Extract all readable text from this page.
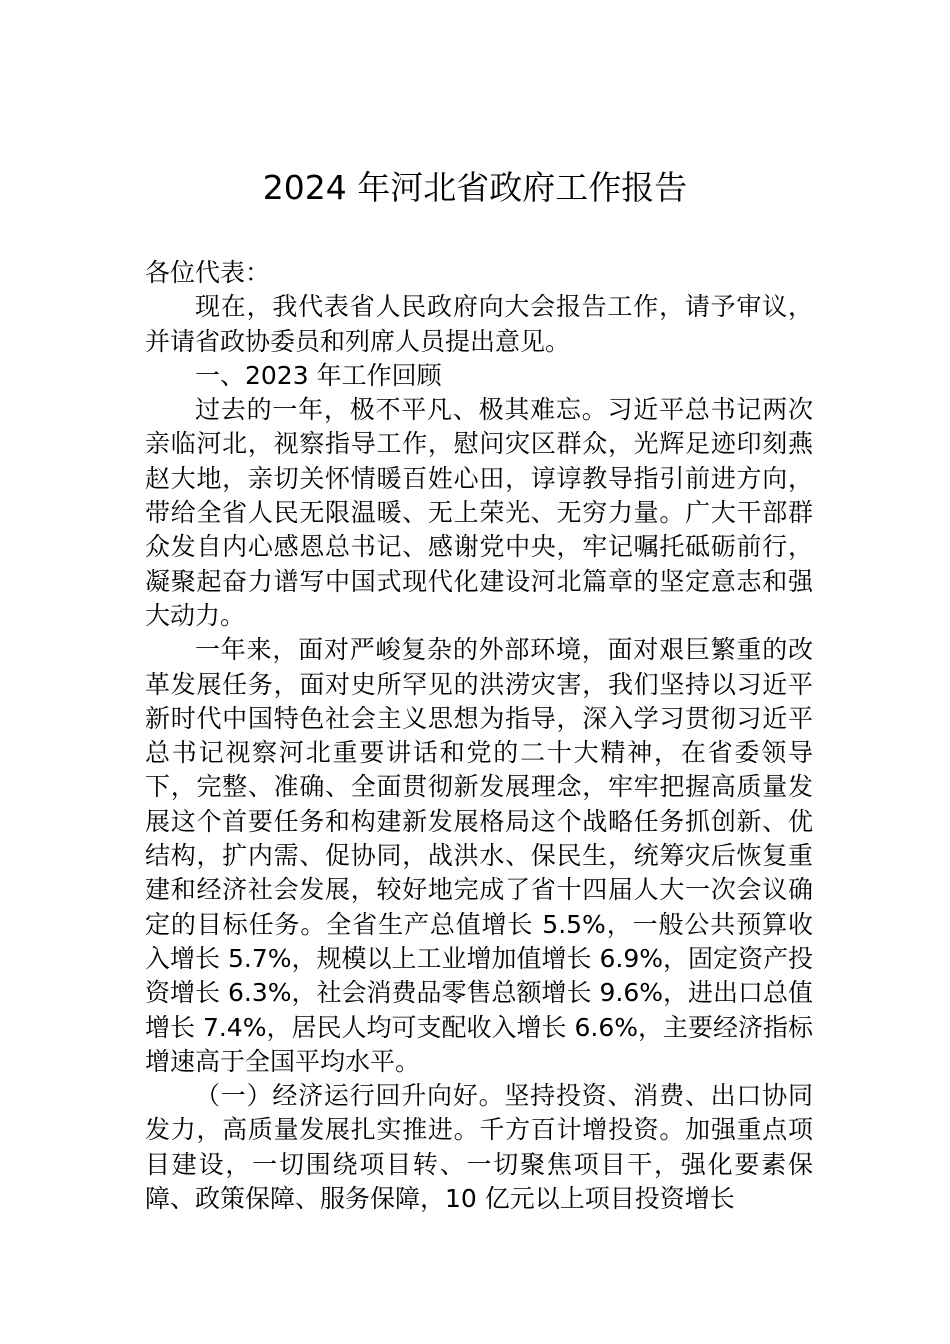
2024 年河北省政府工作报告

各位代表：

现在，我代表省人民政府向大会报告工作，请予审议，并请省政协委员和列席人员提出意见。

一、2023 年工作回顾

过去的一年，极不平凡、极其难忘。习近平总书记两次亲临河北，视察指导工作，慰问灾区群众，光辉足迹印刻燕赵大地，亲切关怀情暖百姓心田，谆谆教导指引前进方向，带给全省人民无限温暖、无上荣光、无穷力量。广大干部群众发自内心感恩总书记、感谢党中央，牢记嘱托砥砺前行，凝聚起奋力谱写中国式现代化建设河北篇章的坚定意志和强大动力。

一年来，面对严峻复杂的外部环境，面对艰巨繁重的改革发展任务，面对史所罕见的洪涝灾害，我们坚持以习近平新时代中国特色社会主义思想为指导，深入学习贯彻习近平总书记视察河北重要讲话和党的二十大精神，在省委领导下，完整、准确、全面贯彻新发展理念，牢牢把握高质量发展这个首要任务和构建新发展格局这个战略任务抓创新、优结构，扩内需、促协同，战洪水、保民生，统筹灾后恢复重建和经济社会发展，较好地完成了省十四届人大一次会议确定的目标任务。全省生产总值增长 5.5%，一般公共预算收入增长 5.7%，规模以上工业增加值增长 6.9%，固定资产投资增长 6.3%，社会消费品零售总额增长 9.6%，进出口总值增长 7.4%，居民人均可支配收入增长 6.6%，主要经济指标增速高于全国平均水平。

（一）经济运行回升向好。坚持投资、消费、出口协同发力，高质量发展扎实推进。千方百计增投资。加强重点项目建设，一切围绕项目转、一切聚焦项目干，强化要素保障、政策保障、服务保障，10 亿元以上项目投资增长
